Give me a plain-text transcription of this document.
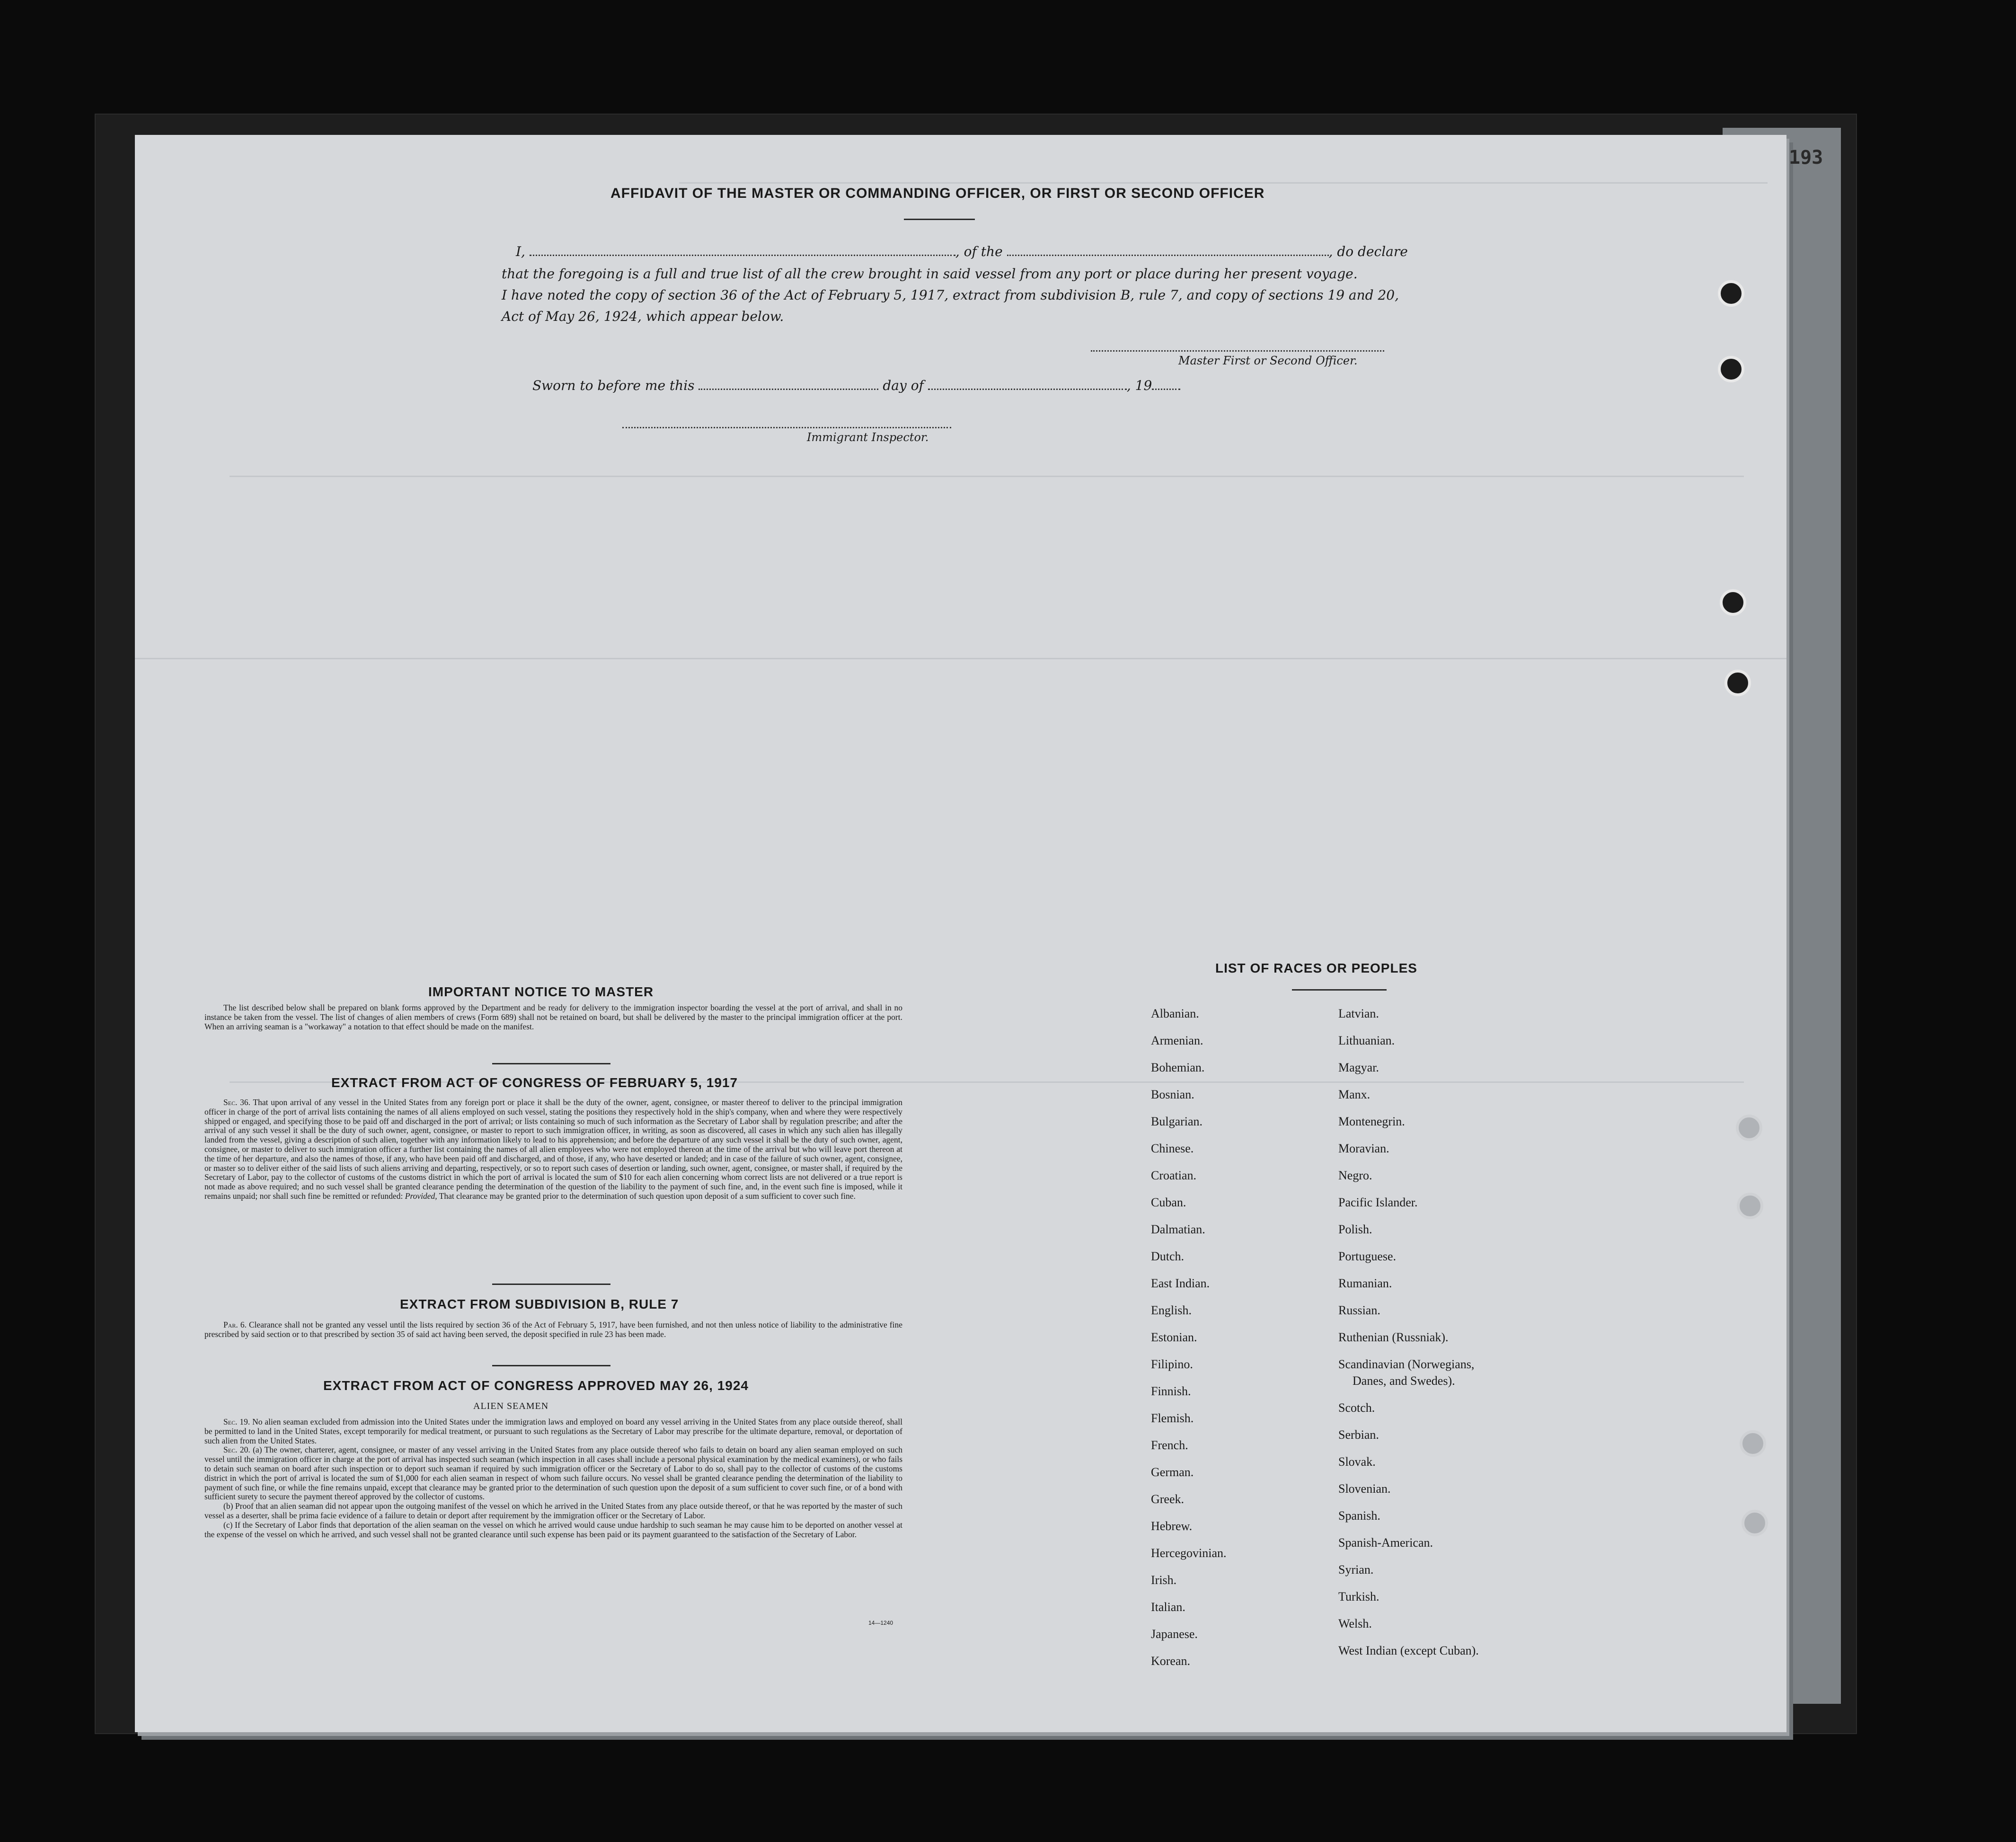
193
AFFIDAVIT OF THE MASTER OR COMMANDING OFFICER, OR FIRST OR SECOND OFFICER
I,	, of the	, do declare
that the foregoing is a full and true list of all the crew brought in said vessel from any port or place during her present voyage.
I have noted the copy of section 36 of the Act of February 5, 1917, extract from subdivision B, rule 7, and copy of sections 19 and 20,
Act of May 26, 1924, which appear below.
Master First or Second Officer.
Sworn to before me this	day of	, 19
Immigrant Inspector.
IMPORTANT NOTICE TO MASTER

The list described below shall be prepared on blank forms approved by the Department and be ready for delivery to the immigration inspector boarding the vessel at the port of arrival, and shall in no instance be taken from the vessel. The list of changes of alien members of crews (Form 689) shall not be retained on board, but shall be delivered by the master to the principal immigration officer at the port. When an arriving seaman is a "workaway" a notation to that effect should be made on the manifest.

EXTRACT FROM ACT OF CONGRESS OF FEBRUARY 5, 1917

Sec. 36. That upon arrival of any vessel in the United States from any foreign port or place it shall be the duty of the owner, agent, consignee, or master thereof to deliver to the principal immigration officer in charge of the port of arrival lists containing the names of all aliens employed on such vessel, stating the positions they respectively hold in the ship's company, when and where they were respectively shipped or engaged, and specifying those to be paid off and discharged in the port of arrival; or lists containing so much of such information as the Secretary of Labor shall by regulation prescribe; and after the arrival of any such vessel it shall be the duty of such owner, agent, consignee, or master to report to such immigration officer, in writing, as soon as discovered, all cases in which any such alien has illegally landed from the vessel, giving a description of such alien, together with any information likely to lead to his apprehension; and before the departure of any such vessel it shall be the duty of such owner, agent, consignee, or master to deliver to such immigration officer a further list containing the names of all alien employees who were not employed thereon at the time of the arrival but who will leave port thereon at the time of her departure, and also the names of those, if any, who have been paid off and discharged, and of those, if any, who have deserted or landed; and in case of the failure of such owner, agent, consignee, or master so to deliver either of the said lists of such aliens arriving and departing, respectively, or so to report such cases of desertion or landing, such owner, agent, consignee, or master shall, if required by the Secretary of Labor, pay to the collector of customs of the customs district in which the port of arrival is located the sum of $10 for each alien concerning whom correct lists are not delivered or a true report is not made as above required; and no such vessel shall be granted clearance pending the determination of the question of the liability to the payment of such fine, and, in the event such fine is imposed, while it remains unpaid; nor shall such fine be remitted or refunded: Provided, That clearance may be granted prior to the determination of such question upon deposit of a sum sufficient to cover such fine.

EXTRACT FROM SUBDIVISION B, RULE 7

Par. 6. Clearance shall not be granted any vessel until the lists required by section 36 of the Act of February 5, 1917, have been furnished, and not then unless notice of liability to the administrative fine prescribed by said section or to that prescribed by section 35 of said act having been served, the deposit specified in rule 23 has been made.

EXTRACT FROM ACT OF CONGRESS APPROVED MAY 26, 1924
ALIEN SEAMEN

Sec. 19. No alien seaman excluded from admission into the United States under the immigration laws and employed on board any vessel arriving in the United States from any place outside thereof, shall be permitted to land in the United States, except temporarily for medical treatment, or pursuant to such regulations as the Secretary of Labor may prescribe for the ultimate departure, removal, or deportation of such alien from the United States.

Sec. 20. (a) The owner, charterer, agent, consignee, or master of any vessel arriving in the United States from any place outside thereof who fails to detain on board any alien seaman employed on such vessel until the immigration officer in charge at the port of arrival has inspected such seaman (which inspection in all cases shall include a personal physical examination by the medical examiners), or who fails to detain such seaman on board after such inspection or to deport such seaman if required by such immigration officer or the Secretary of Labor to do so, shall pay to the collector of customs of the customs district in which the port of arrival is located the sum of $1,000 for each alien seaman in respect of whom such failure occurs. No vessel shall be granted clearance pending the determination of the liability to payment of such fine, or while the fine remains unpaid, except that clearance may be granted prior to the determination of such question upon the deposit of a sum sufficient to cover such fine, or of a bond with sufficient surety to secure the payment thereof approved by the collector of customs.

(b) Proof that an alien seaman did not appear upon the outgoing manifest of the vessel on which he arrived in the United States from any place outside thereof, or that he was reported by the master of such vessel as a deserter, shall be prima facie evidence of a failure to detain or deport after requirement by the immigration officer or the Secretary of Labor.

(c) If the Secretary of Labor finds that deportation of the alien seaman on the vessel on which he arrived would cause undue hardship to such seaman he may cause him to be deported on another vessel at the expense of the vessel on which he arrived, and such vessel shall not be granted clearance until such expense has been paid or its payment guaranteed to the satisfaction of the Secretary of Labor.

14—1240
LIST OF RACES OR PEOPLES
Albanian.
Armenian.
Bohemian.
Bosnian.
Bulgarian.
Chinese.
Croatian.
Cuban.
Dalmatian.
Dutch.
East Indian.
English.
Estonian.
Filipino.
Finnish.
Flemish.
French.
German.
Greek.
Hebrew.
Hercegovinian.
Irish.
Italian.
Japanese.
Korean.
Latvian.
Lithuanian.
Magyar.
Manx.
Montenegrin.
Moravian.
Negro.
Pacific Islander.
Polish.
Portuguese.
Rumanian.
Russian.
Ruthenian (Russniak).
Scandinavian (Norwegians,
Danes, and Swedes).
Scotch.
Serbian.
Slovak.
Slovenian.
Spanish.
Spanish-American.
Syrian.
Turkish.
Welsh.
West Indian (except Cuban).
